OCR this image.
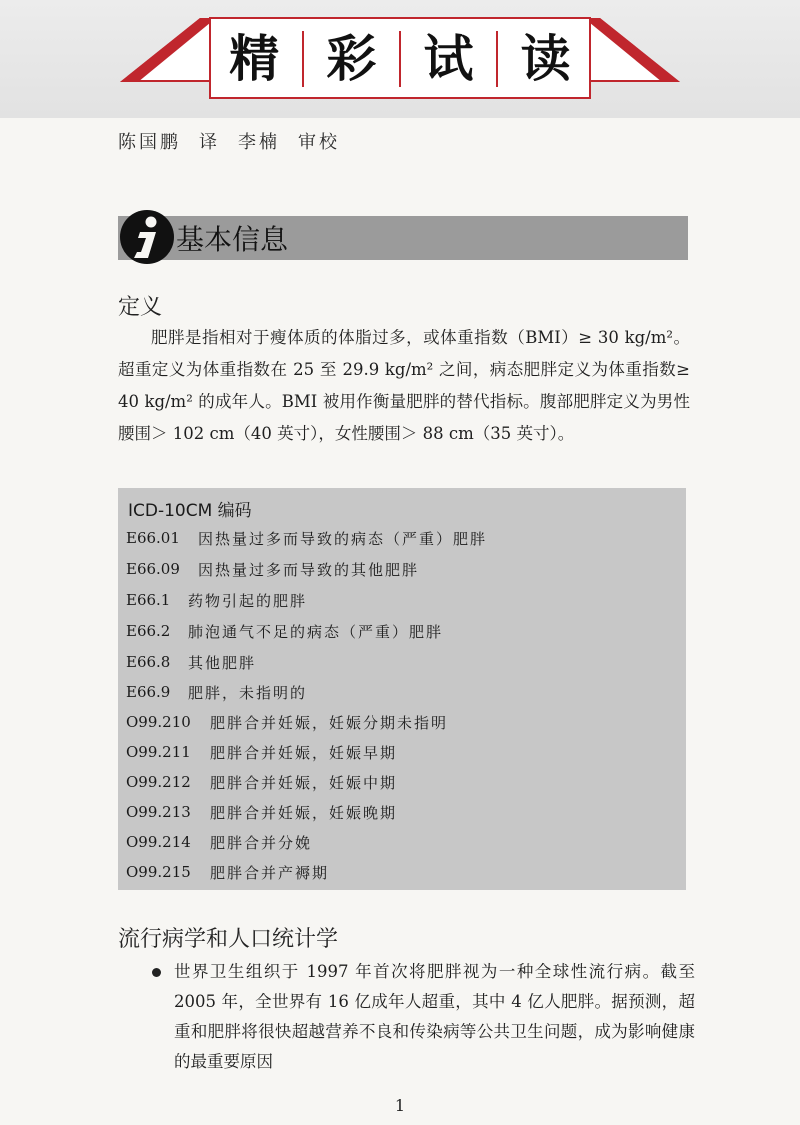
精 彩 试 读
陈国鹏 译 李楠 审校
基本信息
定义

肥胖是指相对于瘦体质的体脂过多，或体重指数（BMI）≥ 30 kg/m²。超重定义为体重指数在 25 至 29.9 kg/m² 之间，病态肥胖定义为体重指数≥ 40 kg/m² 的成年人。BMI 被用作衡量肥胖的替代指标。腹部肥胖定义为男性腰围＞ 102 cm（40 英寸），女性腰围＞ 88 cm（35 英寸）。

ICD-10CM 编码
E66.01	因热量过多而导致的病态（严重）肥胖
E66.09	因热量过多而导致的其他肥胖
E66.1	药物引起的肥胖
E66.2	肺泡通气不足的病态（严重）肥胖
E66.8	其他肥胖
E66.9	肥胖，未指明的
O99.210	肥胖合并妊娠，妊娠分期未指明
O99.211	肥胖合并妊娠，妊娠早期
O99.212	肥胖合并妊娠，妊娠中期
O99.213	肥胖合并妊娠，妊娠晚期
O99.214	肥胖合并分娩
O99.215	肥胖合并产褥期
流行病学和人口统计学
世界卫生组织于 1997 年首次将肥胖视为一种全球性流行病。截至 2005 年，全世界有 16 亿成年人超重，其中 4 亿人肥胖。据预测，超重和肥胖将很快超越营养不良和传染病等公共卫生问题，成为影响健康的最重要原因
1
